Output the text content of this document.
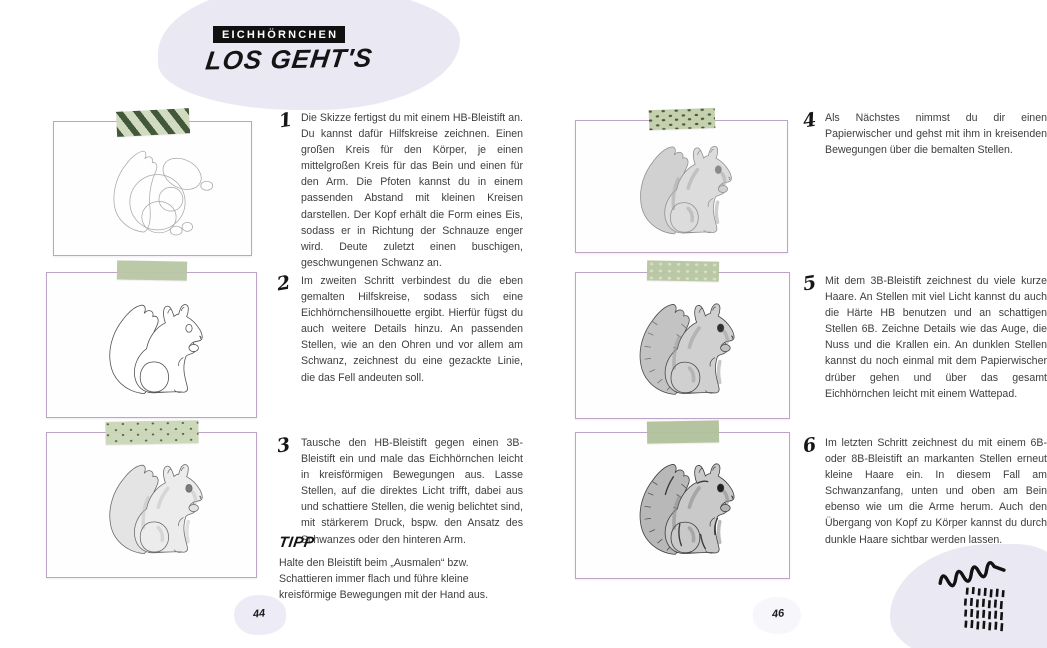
EICHHÖRNCHEN
LOS GEHT'S
1 Die Skizze fertigst du mit einem HB-Bleistift an. Du kannst dafür Hilfskreise zeichnen. Einen großen Kreis für den Körper, je einen mittelgroßen Kreis für das Bein und einen für den Arm. Die Pfoten kannst du in einem passenden Abstand mit kleinen Kreisen darstellen. Der Kopf erhält die Form eines Eis, sodass er in Richtung der Schnauze enger wird. Deute zuletzt einen buschigen, geschwungenen Schwanz an.
2 Im zweiten Schritt verbindest du die eben gemalten Hilfskreise, sodass sich eine Eichhörnchensilhouette ergibt. Hierfür fügst du auch weitere Details hinzu. An passenden Stellen, wie an den Ohren und vor allem am Schwanz, zeichnest du eine gezackte Linie, die das Fell andeuten soll.
3 Tausche den HB-Bleistift gegen einen 3B-Bleistift ein und male das Eichhörnchen leicht in kreisförmigen Bewegungen aus. Lasse Stellen, auf die direktes Licht trifft, dabei aus und schattiere Stellen, die wenig belichtet sind, mit stärkerem Druck, bspw. den Ansatz des Schwanzes oder den hinteren Arm.
TIPP
Halte den Bleistift beim „Ausmalen“ bzw. Schattieren immer flach und führe kleine kreisförmige Bewegungen mit der Hand aus.
4 Als Nächstes nimmst du dir einen Papierwischer und gehst mit ihm in kreisenden Bewegungen über die bemalten Stellen.
5 Mit dem 3B-Bleistift zeichnest du viele kurze Haare. An Stellen mit viel Licht kannst du auch die Härte HB benutzen und an schattigen Stellen 6B. Zeichne Details wie das Auge, die Nuss und die Krallen ein. An dunklen Stellen kannst du noch einmal mit dem Papierwischer drüber gehen und über das gesamt Eichhörnchen leicht mit einem Wattepad.
6 Im letzten Schritt zeichnest du mit einem 6B- oder 8B-Bleistift an markanten Stellen erneut kleine Haare ein. In diesem Fall am Schwanzanfang, unten und oben am Bein ebenso wie um die Arme herum. Auch den Übergang von Kopf zu Körper kannst du durch dunkle Haare sichtbar werden lassen.
44	46
